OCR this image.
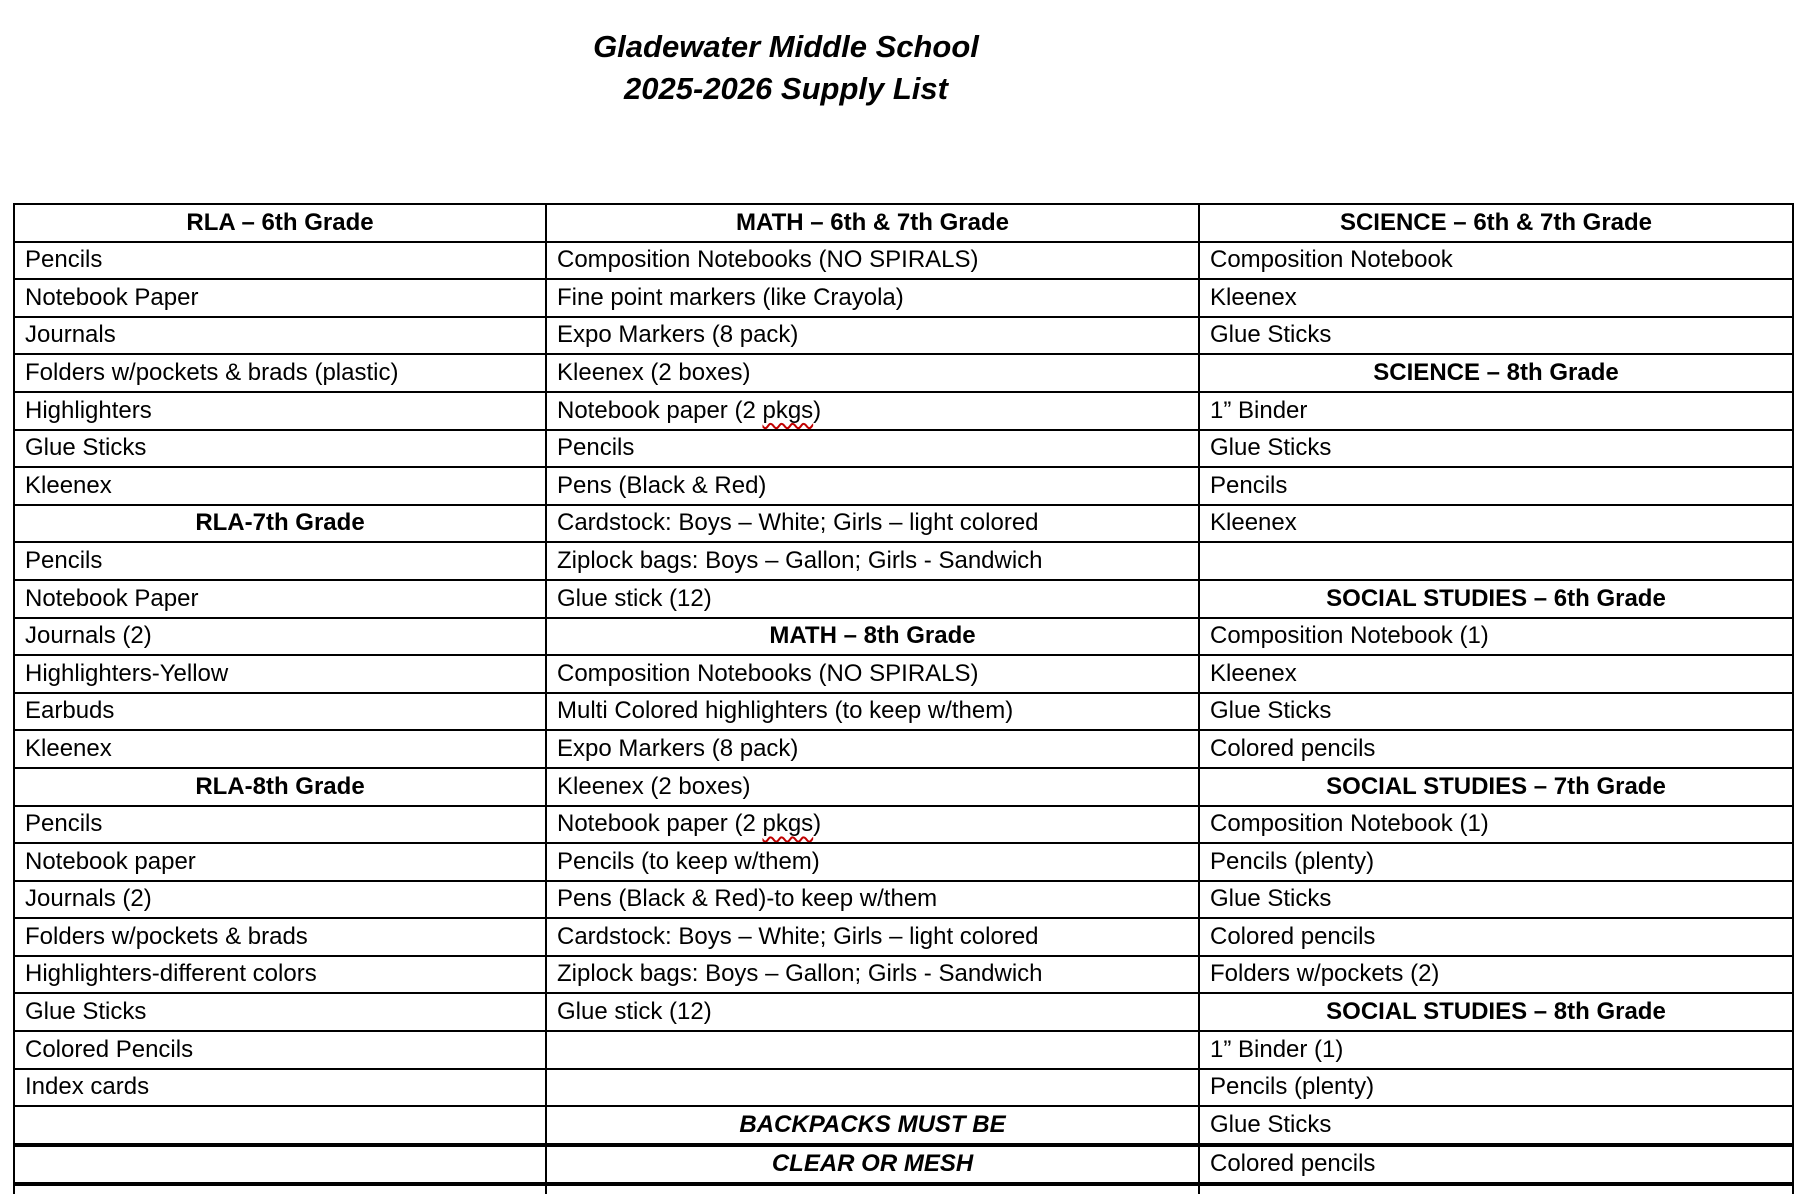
Gladewater Middle School
2025-2026 Supply List
RLA – 6th Grade	MATH – 6th & 7th Grade	SCIENCE – 6th & 7th Grade
Pencils	Composition Notebooks (NO SPIRALS)	Composition Notebook
Notebook Paper	Fine point markers (like Crayola)	Kleenex
Journals	Expo Markers (8 pack)	Glue Sticks
Folders w/pockets & brads (plastic)	Kleenex (2 boxes)	SCIENCE – 8th Grade
Highlighters	Notebook paper (2 pkgs)	1” Binder
Glue Sticks	Pencils	Glue Sticks
Kleenex	Pens (Black & Red)	Pencils
RLA-7th Grade	Cardstock: Boys – White; Girls – light colored	Kleenex
Pencils	Ziplock bags: Boys – Gallon; Girls - Sandwich	
Notebook Paper	Glue stick (12)	SOCIAL STUDIES – 6th Grade
Journals (2)	MATH – 8th Grade	Composition Notebook (1)
Highlighters-Yellow	Composition Notebooks (NO SPIRALS)	Kleenex
Earbuds	Multi Colored highlighters (to keep w/them)	Glue Sticks
Kleenex	Expo Markers (8 pack)	Colored pencils
RLA-8th Grade	Kleenex (2 boxes)	SOCIAL STUDIES – 7th Grade
Pencils	Notebook paper (2 pkgs)	Composition Notebook (1)
Notebook paper	Pencils (to keep w/them)	Pencils (plenty)
Journals (2)	Pens (Black & Red)-to keep w/them	Glue Sticks
Folders w/pockets & brads	Cardstock: Boys – White; Girls – light colored	Colored pencils
Highlighters-different colors	Ziplock bags: Boys – Gallon; Girls - Sandwich	Folders w/pockets (2)
Glue Sticks	Glue stick (12)	SOCIAL STUDIES – 8th Grade
Colored Pencils		1” Binder (1)
Index cards		Pencils (plenty)
	BACKPACKS MUST BE	Glue Sticks
	CLEAR OR MESH	Colored pencils
